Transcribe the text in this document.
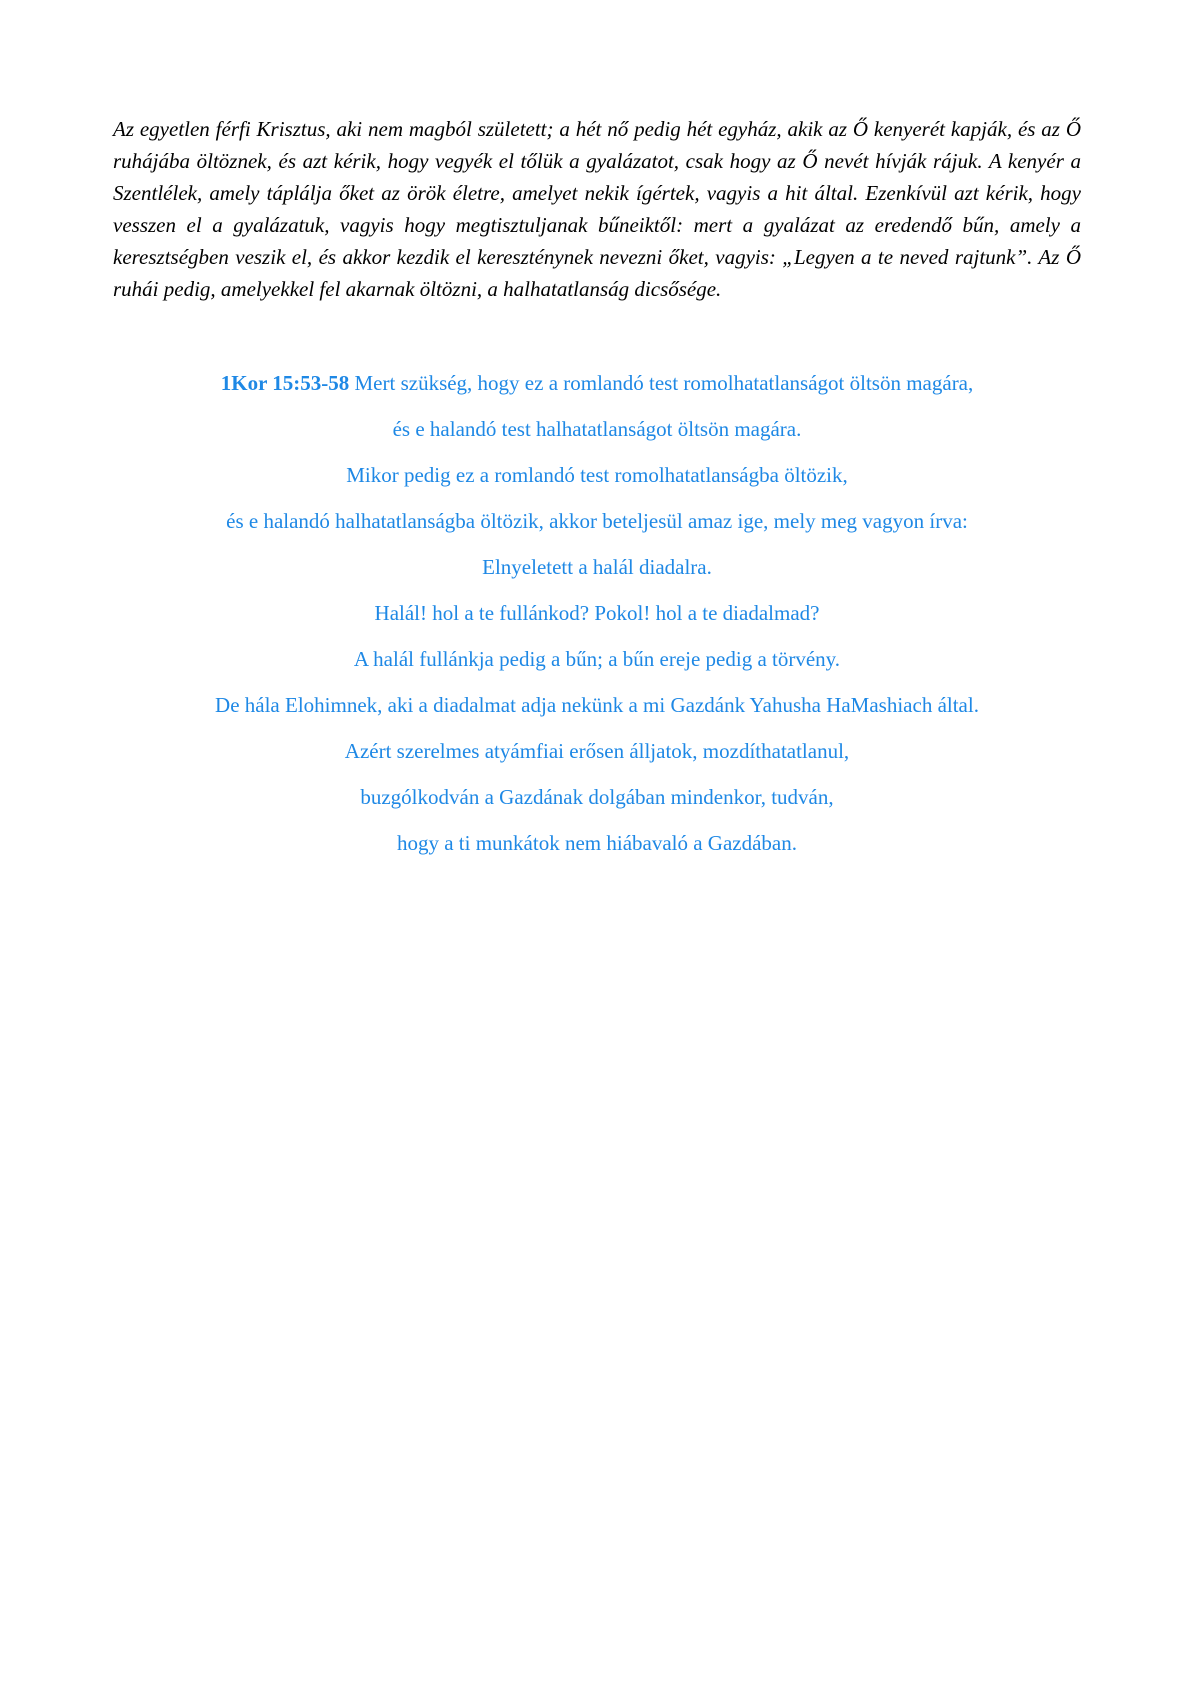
Az egyetlen férfi Krisztus, aki nem magból született; a hét nő pedig hét egyház, akik az Ő kenyerét kapják, és az Ő ruhájába öltöznek, és azt kérik, hogy vegyék el tőlük a gyalázatot, csak hogy az Ő nevét hívják rájuk. A kenyér a Szentlélek, amely táplálja őket az örök életre, amelyet nekik ígértek, vagyis a hit által. Ezenkívül azt kérik, hogy vesszen el a gyalázatuk, vagyis hogy megtisztuljanak bűneiktől: mert a gyalázat az eredendő bűn, amely a keresztségben veszik el, és akkor kezdik el kereszténynek nevezni őket, vagyis: „Legyen a te neved rajtunk”. Az Ő ruhái pedig, amelyekkel fel akarnak öltözni, a halhatatlanság dicsősége.

1Kor 15:53-58 Mert szükség, hogy ez a romlandó test romolhatatlanságot öltsön magára,
és e halandó test halhatatlanságot öltsön magára.
Mikor pedig ez a romlandó test romolhatatlanságba öltözik,
és e halandó halhatatlanságba öltözik, akkor beteljesül amaz ige, mely meg vagyon írva:
Elnyeletett a halál diadalra.
Halál! hol a te fullánkod? Pokol! hol a te diadalmad?
A halál fullánkja pedig a bűn; a bűn ereje pedig a törvény.
De hála Elohimnek, aki a diadalmat adja nekünk a mi Gazdánk Yahusha HaMashiach által.
Azért szerelmes atyámfiai erősen álljatok, mozdíthatatlanul,
buzgólkodván a Gazdának dolgában mindenkor, tudván,
hogy a ti munkátok nem hiábavaló a Gazdában.
